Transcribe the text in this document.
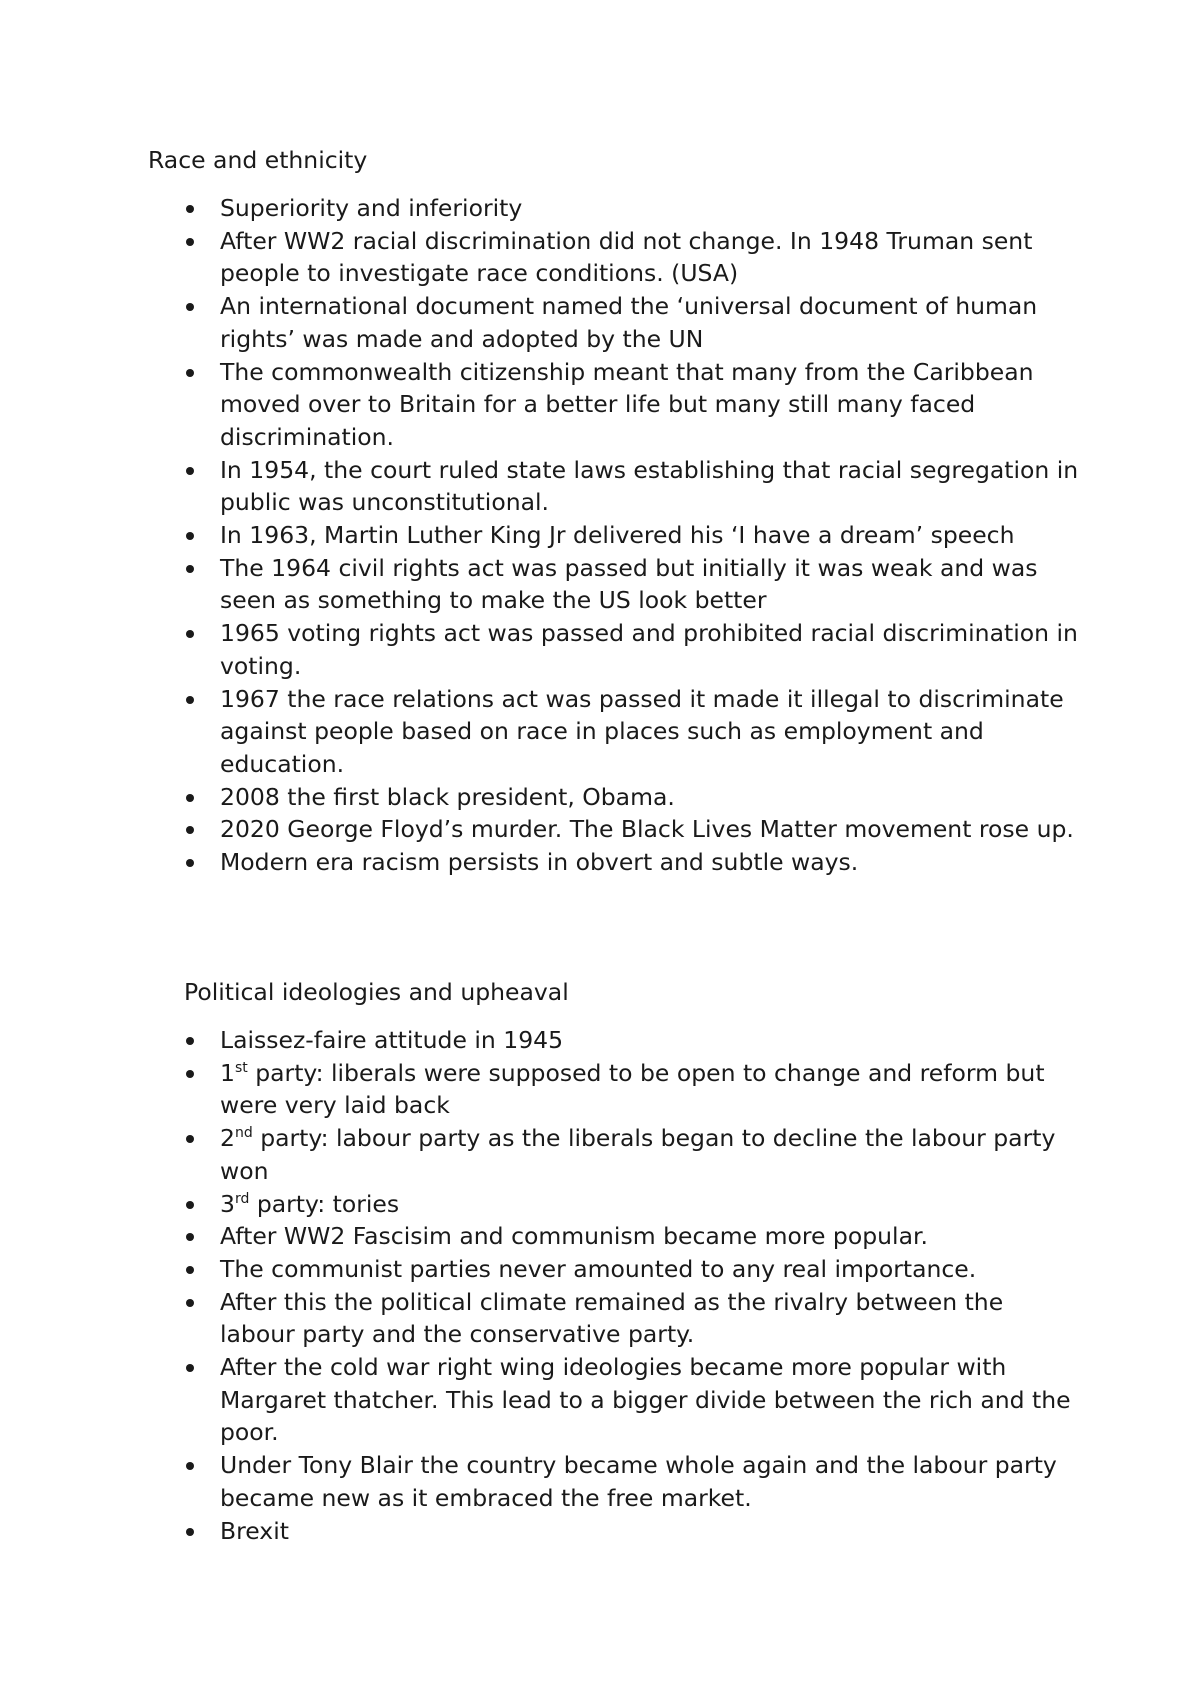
Race and ethnicity
Superiority and inferiority
After WW2 racial discrimination did not change. In 1948 Truman sent people to investigate race conditions. (USA)
An international document named the ‘universal document of human rights’ was made and adopted by the UN
The commonwealth citizenship meant that many from the Caribbean moved over to Britain for a better life but many still many faced discrimination.
In 1954, the court ruled state laws establishing that racial segregation in public was unconstitutional.
In 1963, Martin Luther King Jr delivered his ‘I have a dream’ speech
The 1964 civil rights act was passed but initially it was weak and was seen as something to make the US look better
1965 voting rights act was passed and prohibited racial discrimination in voting.
1967 the race relations act was passed it made it illegal to discriminate against people based on race in places such as employment and education.
2008 the first black president, Obama.
2020 George Floyd’s murder. The Black Lives Matter movement rose up.
Modern era racism persists in obvert and subtle ways.
Political ideologies and upheaval
Laissez-faire attitude in 1945
1st party: liberals were supposed to be open to change and reform but were very laid back
2nd party: labour party as the liberals began to decline the labour party won
3rd party: tories
After WW2 Fascisim and communism became more popular.
The communist parties never amounted to any real importance.
After this the political climate remained as the rivalry between the labour party and the conservative party.
After the cold war right wing ideologies became more popular with Margaret thatcher. This lead to a bigger divide between the rich and the poor.
Under Tony Blair the country became whole again and the labour party became new as it embraced the free market.
Brexit
